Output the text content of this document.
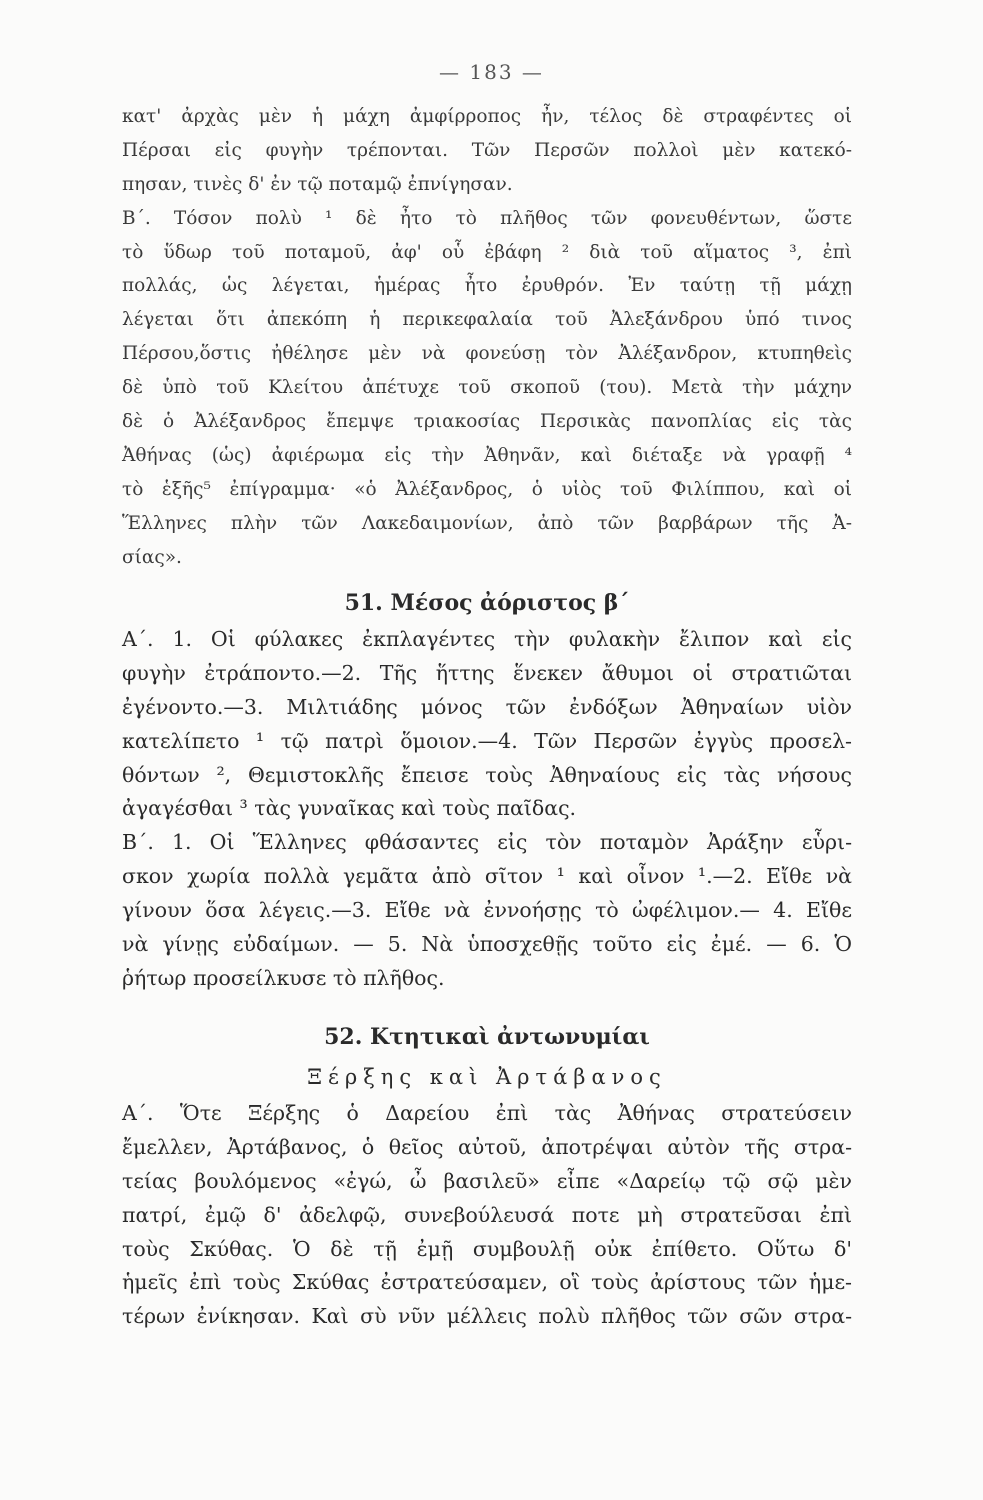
— 183 —
κατ' ἀρχὰς μὲν ἡ μάχη ἀμφίρροπος ἦν, τέλος δὲ στραφέντες οἱ
Πέρσαι εἰς φυγὴν τρέπονται. Τῶν Περσῶν πολλοὶ μὲν κατεκό-
πησαν, τινὲς δ' ἐν τῷ ποταμῷ ἐπνίγησαν.
Β΄. Τόσον πολὺ ¹ δὲ ἦτο τὸ πλῆθος τῶν φονευθέντων, ὥστε
τὸ ὕδωρ τοῦ ποταμοῦ, ἀφ' οὗ ἐβάφη ² διὰ τοῦ αἵματος ³, ἐπὶ
πολλάς, ὡς λέγεται, ἡμέρας ἦτο ἐρυθρόν. Ἐν ταύτῃ τῇ μάχῃ
λέγεται ὅτι ἀπεκόπη ἡ περικεφαλαία τοῦ Ἀλεξάνδρου ὑπό τινος
Πέρσου,ὅστις ἠθέλησε μὲν νὰ φονεύσῃ τὸν Ἀλέξανδρον, κτυπηθεὶς
δὲ ὑπὸ τοῦ Κλείτου ἀπέτυχε τοῦ σκοποῦ (του). Μετὰ τὴν μάχην
δὲ ὁ Ἀλέξανδρος ἔπεμψε τριακοσίας Περσικὰς πανοπλίας εἰς τὰς
Ἀθήνας (ὡς) ἀφιέρωμα εἰς τὴν Ἀθηνᾶν, καὶ διέταξε νὰ γραφῇ ⁴
τὸ ἑξῆς⁵ ἐπίγραμμα· «ὁ Ἀλέξανδρος, ὁ υἱὸς τοῦ Φιλίππου, καὶ οἱ
Ἕλληνες πλὴν τῶν Λακεδαιμονίων, ἀπὸ τῶν βαρβάρων τῆς Ἀ-
σίας».
51. Μέσος ἀόριστος β΄
Α΄. 1. Οἱ φύλακες ἐκπλαγέντες τὴν φυλακὴν ἔλιπον καὶ εἰς
φυγὴν ἐτράποντο.—2. Τῆς ἥττης ἕνεκεν ἄθυμοι οἱ στρατιῶται
ἐγένοντο.—3. Μιλτιάδης μόνος τῶν ἐνδόξων Ἀθηναίων υἱὸν
κατελίπετο ¹ τῷ πατρὶ ὅμοιον.—4. Τῶν Περσῶν ἐγγὺς προσελ-
θόντων ², Θεμιστοκλῆς ἔπεισε τοὺς Ἀθηναίους εἰς τὰς νήσους
ἀγαγέσθαι ³ τὰς γυναῖκας καὶ τοὺς παῖδας.
Β΄. 1. Οἱ Ἕλληνες φθάσαντες εἰς τὸν ποταμὸν Ἀράξην εὗρι-
σκον χωρία πολλὰ γεμᾶτα ἀπὸ σῖτον ¹ καὶ οἶνον ¹.—2. Εἴθε νὰ
γίνουν ὅσα λέγεις.—3. Εἴθε νὰ ἐννοήσῃς τὸ ὠφέλιμον.— 4. Εἴθε
νὰ γίνῃς εὐδαίμων. — 5. Νὰ ὑποσχεθῇς τοῦτο εἰς ἐμέ. — 6. Ὁ
ῥήτωρ προσείλκυσε τὸ πλῆθος.
52. Κτητικαὶ ἀντωνυμίαι
Ξέρξης καὶ Ἀρτάβανος
Α΄. Ὅτε Ξέρξης ὁ Δαρείου ἐπὶ τὰς Ἀθήνας στρατεύσειν
ἔμελλεν, Ἀρτάβανος, ὁ θεῖος αὐτοῦ, ἀποτρέψαι αὐτὸν τῆς στρα-
τείας βουλόμενος «ἐγώ, ὦ βασιλεῦ» εἶπε «Δαρείῳ τῷ σῷ μὲν
πατρί, ἐμῷ δ' ἀδελφῷ, συνεβούλευσά ποτε μὴ στρατεῦσαι ἐπὶ
τοὺς Σκύθας. Ὁ δὲ τῇ ἐμῇ συμβουλῇ οὐκ ἐπίθετο. Οὕτω δ'
ἡμεῖς ἐπὶ τοὺς Σκύθας ἐστρατεύσαμεν, οἳ τοὺς ἀρίστους τῶν ἡμε-
τέρων ἐνίκησαν. Καὶ σὺ νῦν μέλλεις πολὺ πλῆθος τῶν σῶν στρα-
